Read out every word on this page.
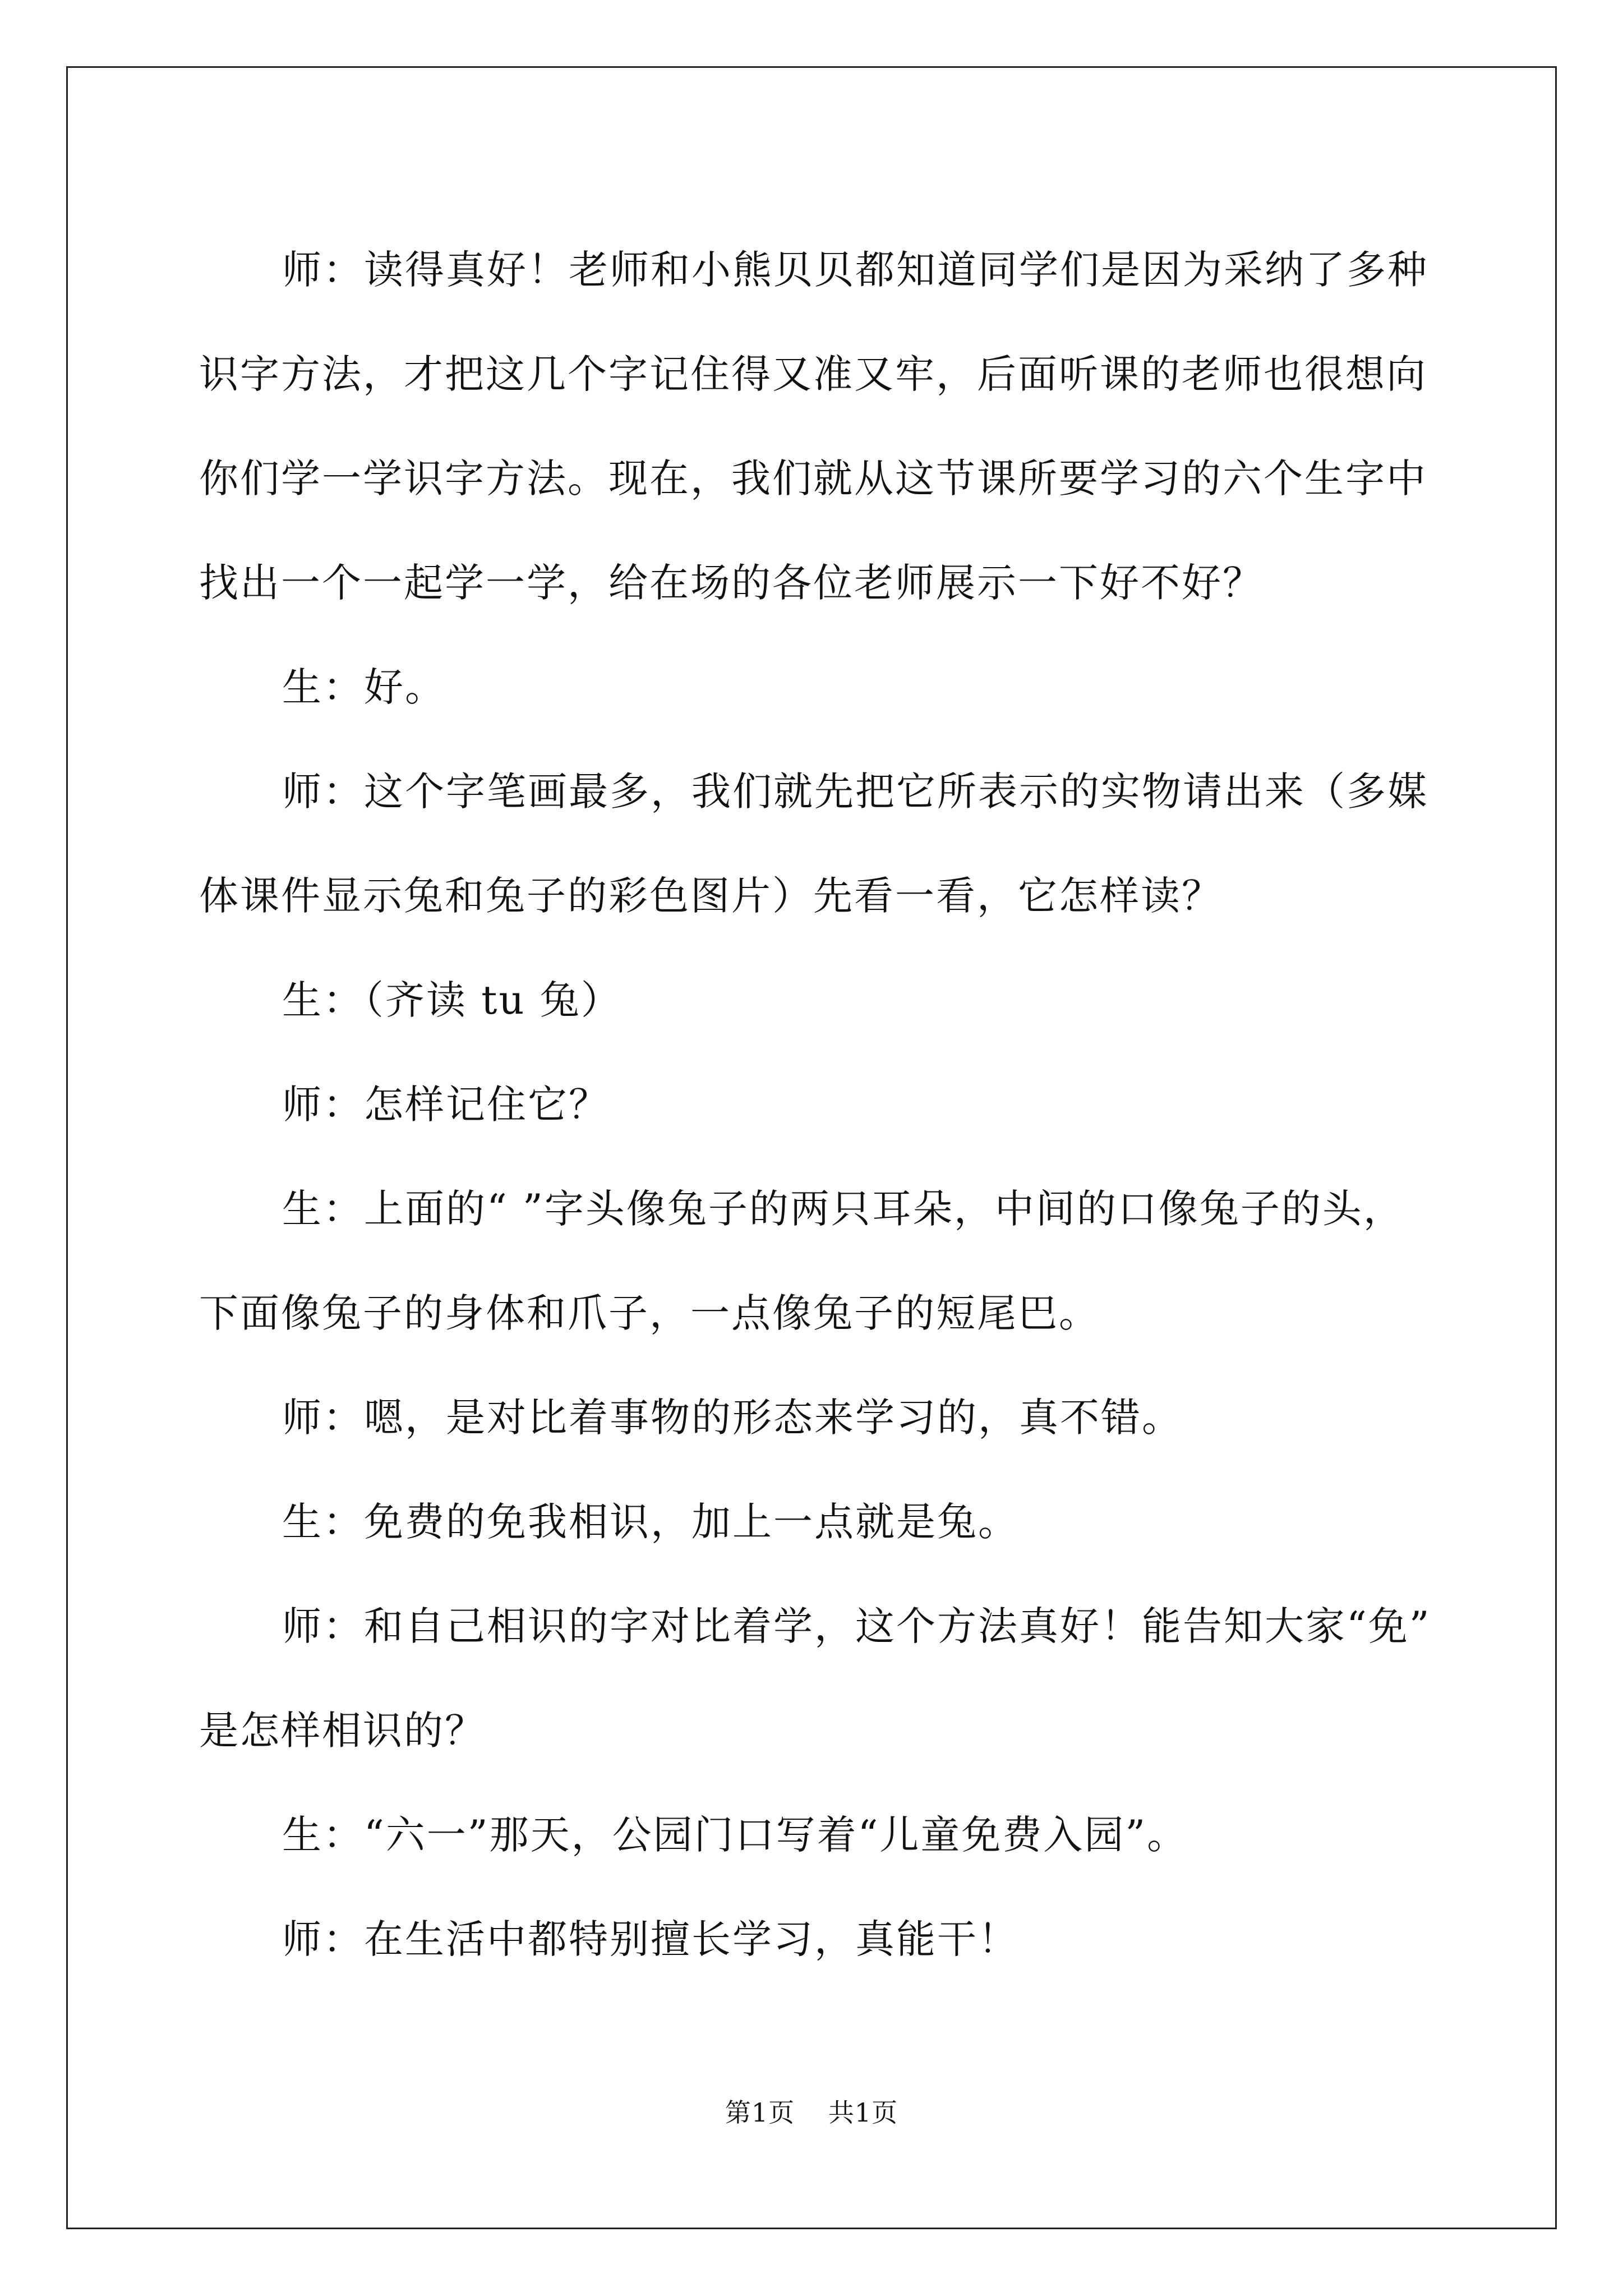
师：读得真好！老师和小熊贝贝都知道同学们是因为采纳了多种
识字方法，才把这几个字记住得又准又牢，后面听课的老师也很想向
你们学一学识字方法。现在，我们就从这节课所要学习的六个生字中
找出一个一起学一学，给在场的各位老师展示一下好不好？

生：好。

师：这个字笔画最多，我们就先把它所表示的实物请出来（多媒
体课件显示兔和兔子的彩色图片）先看一看，它怎样读？

生：（齐读 tu 兔）

师：怎样记住它？

生：上面的“ ”字头像兔子的两只耳朵，中间的口像兔子的头，
下面像兔子的身体和爪子，一点像兔子的短尾巴。

师：嗯，是对比着事物的形态来学习的，真不错。

生：免费的免我相识，加上一点就是兔。

师：和自己相识的字对比着学，这个方法真好！能告知大家“免”
是怎样相识的？

生：“六一”那天，公园门口写着“儿童免费入园”。

师：在生活中都特别擅长学习，真能干！

第1页 共1页
